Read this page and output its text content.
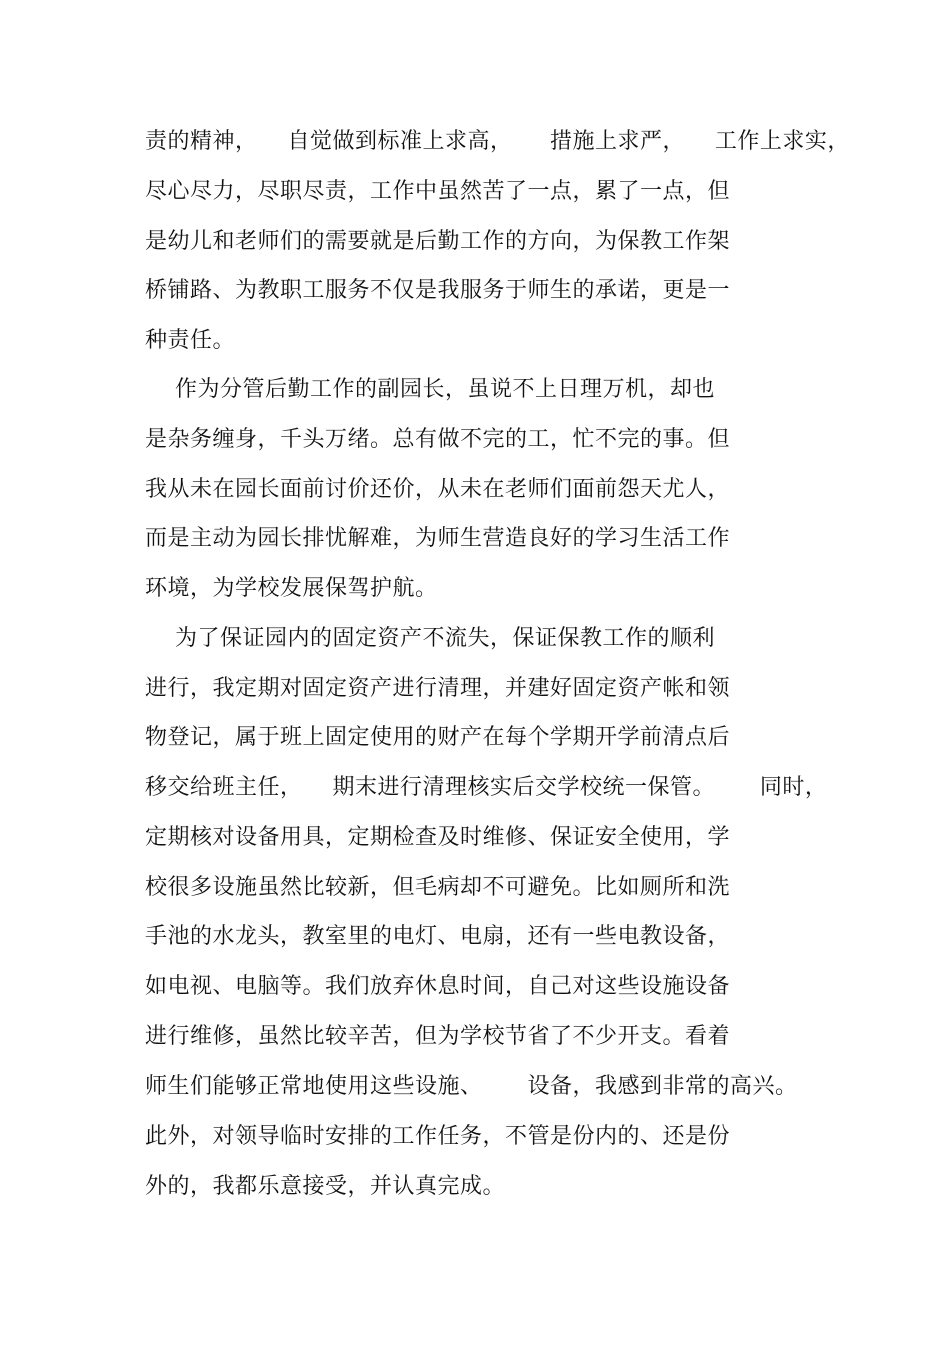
责的精神，    自觉做到标准上求高，     措施上求严，    工作上求实，
尽心尽力，尽职尽责，工作中虽然苦了一点，累了一点，但
是幼儿和老师们的需要就是后勤工作的方向，为保教工作架
桥铺路、为教职工服务不仅是我服务于师生的承诺，更是一
种责任。
作为分管后勤工作的副园长，虽说不上日理万机，却也
是杂务缠身，千头万绪。总有做不完的工，忙不完的事。但
我从未在园长面前讨价还价，从未在老师们面前怨天尤人，
而是主动为园长排忧解难，为师生营造良好的学习生活工作
环境，为学校发展保驾护航。
为了保证园内的固定资产不流失，保证保教工作的顺利
进行，我定期对固定资产进行清理，并建好固定资产帐和领
物登记，属于班上固定使用的财产在每个学期开学前清点后
移交给班主任，    期末进行清理核实后交学校统一保管。      同时，
定期核对设备用具，定期检查及时维修、保证安全使用，学
校很多设施虽然比较新，但毛病却不可避免。比如厕所和洗
手池的水龙头，教室里的电灯、电扇，还有一些电教设备，
如电视、电脑等。我们放弃休息时间，自己对这些设施设备
进行维修，虽然比较辛苦，但为学校节省了不少开支。看着
师生们能够正常地使用这些设施、      设备，我感到非常的高兴。
此外，对领导临时安排的工作任务，不管是份内的、还是份
外的，我都乐意接受，并认真完成。
